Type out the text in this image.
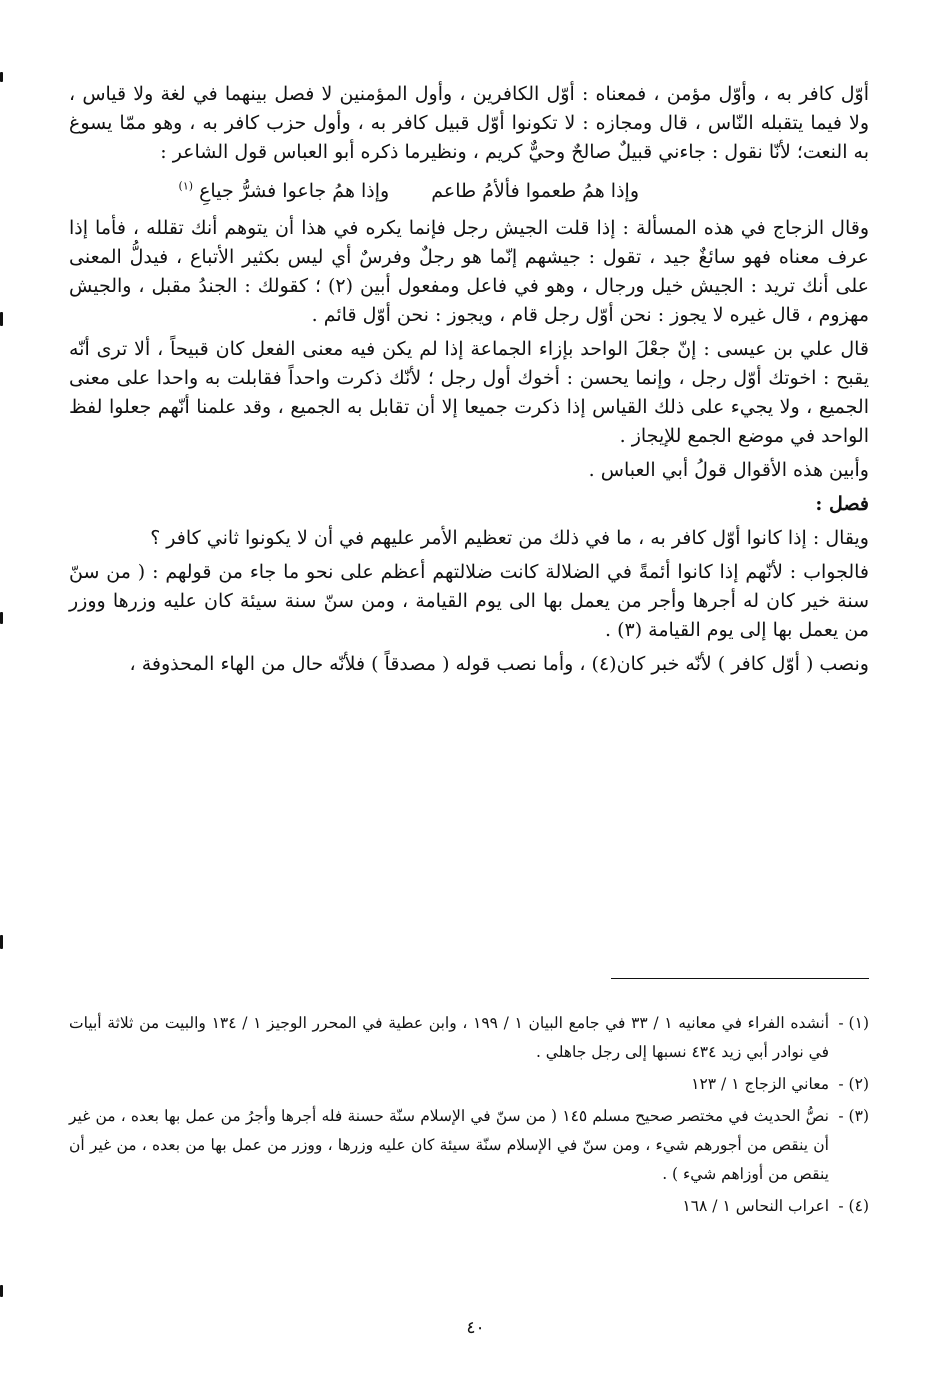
أوّل كافر به ، وأوّل مؤمن ، فمعناه : أوّل الكافرين ، وأول المؤمنين لا فصل بينهما في لغة ولا قياس ، ولا فيما يتقبله النّاس ، قال ومجازه : لا تكونوا أوّل قبيل كافر به ، وأول حزب كافر به ، وهو ممّا يسوغ به النعت؛ لأنّا نقول : جاءني قبيلٌ صالحٌ وحيٌّ كريم ، ونظيرما ذكره أبو العباس قول الشاعر :

وإذا همُ طعموا فألأمُ طاعم وإذا همُ جاعوا فشرُّ جياعِ $^{(١)}$

وقال الزجاج في هذه المسألة : إذا قلت الجيش رجل فإنما يكره في هذا أن يتوهم أنك تقلله ، فأما إذا عرف معناه فهو سائغٌ جيد ، تقول : جيشهم إنّما هو رجلٌ وفرسٌ أي ليس بكثير الأتباع ، فيدلُّ المعنى على أنك تريد : الجيش خيل ورجال ، وهو في فاعل ومفعول أبين (٢) ؛ كقولك : الجندُ مقبل ، والجيش مهزوم ، قال غيره لا يجوز : نحن أوّل رجل قام ، ويجوز : نحن أوّل قائم .

قال علي بن عيسى : إنّ جعْلَ الواحد بإزاء الجماعة إذا لم يكن فيه معنى الفعل كان قبيحاً ، ألا ترى أنّه يقبح : اخوتك أوّل رجل ، وإنما يحسن : أخوك أول رجل ؛ لأنّك ذكرت واحداً فقابلت به واحدا على معنى الجميع ، ولا يجيء على ذلك القياس إذا ذكرت جميعا إلا أن تقابل به الجميع ، وقد علمنا أنّهم جعلوا لفظ الواحد في موضع الجمع للإيجاز .

وأبين هذه الأقوال قولُ أبي العباس .

فصل :

ويقال : إذا كانوا أوّل كافر به ، ما في ذلك من تعظيم الأمر عليهم في أن لا يكونوا ثاني كافر ؟

فالجواب : لأنّهم إذا كانوا أئمةً في الضلالة كانت ضلالتهم أعظم على نحو ما جاء من قولهم : ( من سنّ سنة خير كان له أجرها وأجر من يعمل بها الى يوم القيامة ، ومن سنّ سنة سيئة كان عليه وزرها ووزر من يعمل بها إلى يوم القيامة (٣) .

ونصب ( أوّل كافر ) لأنّه خبر كان(٤) ، وأما نصب قوله ( مصدقاً ) فلأنّه حال من الهاء المحذوفة ،

(١) -
أنشده الفراء في معانيه ١ / ٣٣ في جامع البيان ١ / ١٩٩ ، وابن عطية في المحرر الوجيز ١ / ١٣٤ والبيت من ثلاثة أبيات في نوادر أبي زيد ٤٣٤ نسبها إلى رجل جاهلي .
(٢) -
معاني الزجاج ١ / ١٢٣
(٣) -
نصُّ الحديث في مختصر صحيح مسلم ١٤٥ ( من سنّ في الإسلام سنّة حسنة فله أجرها وأجرُ من عمل بها بعده ، من غير أن ينقص من أجورهم شيء ، ومن سنّ في الإسلام سنّة سيئة كان عليه وزرها ، ووزر من عمل بها من بعده ، من غير أن ينقص من أوزاهم شيء ) .
(٤) -
اعراب النحاس ١ / ١٦٨
٤٠
